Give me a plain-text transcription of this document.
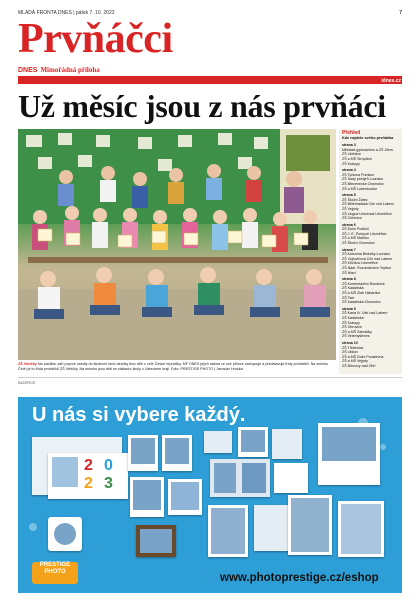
MLADÁ FRONTA DNES | pátek 7. 10. 2022	7
Prvňáčci
DNES Mimořádná příloha
idnes.cz
Už měsíc jsou z nás prvňáci
Přehled
Kde najdete svého prvňáčka
strana 3
Městská gymnázium a ZŠ Jilem.
ZŠ Libědice
ZŠ a MŠ Strupčice
ZŠ Kralupy
strana 4
ZŠ Tyršova Pumlum
ZŠ Sady pionýrů Lounsko
ZŠ Březenecká Chomutov
ZŠ a MŠ Lubenkovice
strana 5
ZŠ Školní Žatec
ZŠ Bělehradská Cíle vod Labem
ZŠ Vejprty
ZŠ Lingua Universal Litoměřice
ZŠ Chřenice
strana 6
ZŠ Dolní Podluží
ZŠ J. E. Purkyně Litoměřice
ZŠ a MŠ Mašťov
ZŠ Školní Chomutov
strana 7
ZŠ Antonína Bedolky Lounsko
ZŠ Vojtovičova Cíle nad Labem
ZŠ Křižíkov Litoměřice
ZŠ Nádr. Rozdružovice Teplice
ZŠ Hlaví
strana 8
ZŠ Komenského Roudnice
ZŠ Kadaňská
ZŠ a MŠ Zlatí Habartice
ZŠ Tisé
ZŠ Kadaňská Chomutov
strana 9
ZŠ Karla IV. Ústí nad Labem
ZŠ Kadaňská
ZŠ Kralupy
ZŠ Obrovice
ZŠ a MŠ Zahrádky
ZŠ Velemyšleves
strana 10
ZŠ Třebenice
ZŠ Libkov
ZŠ a MŠ Dolní Poustevna
ZŠ a MŠ Vejprty
ZŠ Březový nad Ohří
ZŠ Vrbičky Na začátku září poprvé usedly do školních lavic desítky tisíc dětí z celé České republiky. MF DNES jejich radost ve své příloze zachycuje a představuje třídy prvňáčků. Na snímku Čech je to třída prvňáčků ZŠ Vrbičky. Na snímku jsou děti ze základní školy v Ústeckém kraji. Foto: PRESTIGE PHOTO | Jaroslav Hruška
INZERCE
2 0
2 3
U nás si vybere každý.
PRESTIGE
PHOTO	www.photoprestige.cz/eshop
